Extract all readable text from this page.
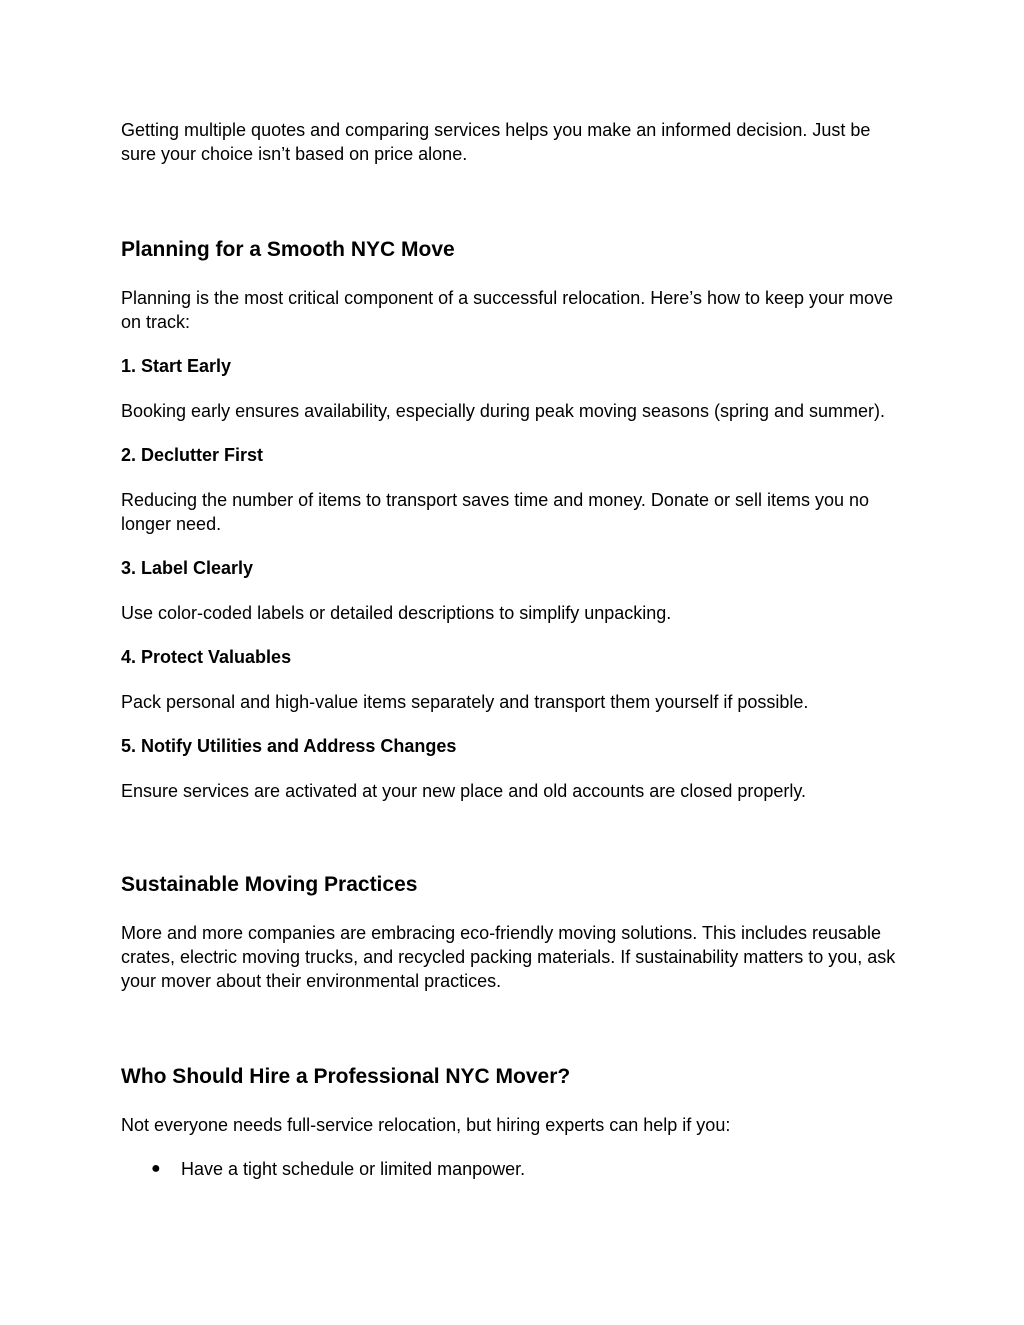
Getting multiple quotes and comparing services helps you make an informed decision. Just be sure your choice isn’t based on price alone.

Planning for a Smooth NYC Move

Planning is the most critical component of a successful relocation. Here’s how to keep your move on track:

1. Start Early

Booking early ensures availability, especially during peak moving seasons (spring and summer).

2. Declutter First

Reducing the number of items to transport saves time and money. Donate or sell items you no longer need.

3. Label Clearly

Use color-coded labels or detailed descriptions to simplify unpacking.

4. Protect Valuables

Pack personal and high-value items separately and transport them yourself if possible.

5. Notify Utilities and Address Changes

Ensure services are activated at your new place and old accounts are closed properly.

Sustainable Moving Practices

More and more companies are embracing eco-friendly moving solutions. This includes reusable crates, electric moving trucks, and recycled packing materials. If sustainability matters to you, ask your mover about their environmental practices.

Who Should Hire a Professional NYC Mover?

Not everyone needs full-service relocation, but hiring experts can help if you:

● Have a tight schedule or limited manpower.
